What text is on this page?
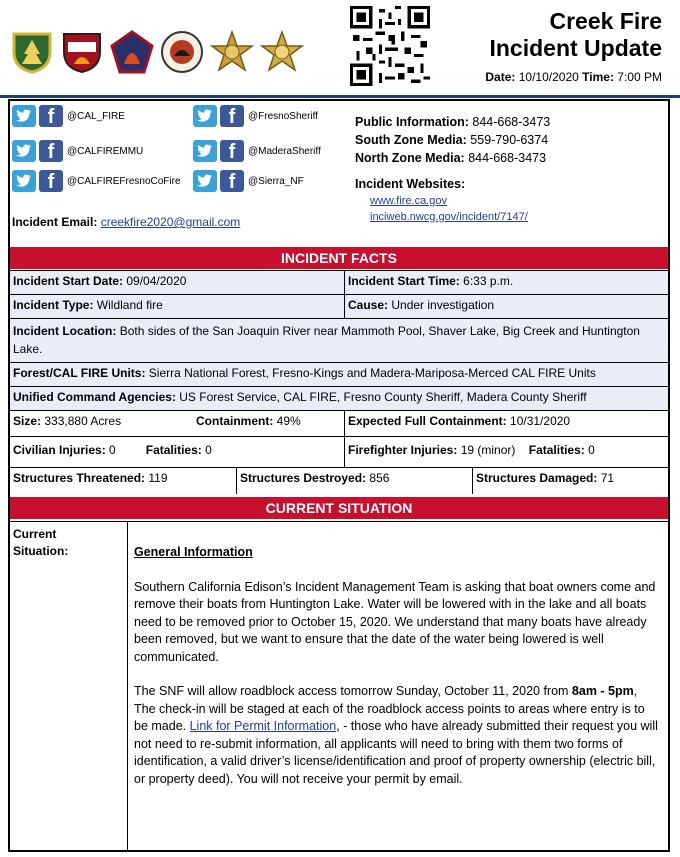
Creek Fire
Incident Update
Date: 10/10/2020 Time: 7:00 PM
f	@CAL_FIRE
f	@CALFIREMMU
f	@CALFIREFresnoCoFire
f	@FresnoSheriff
f	@MaderaSheriff
f	@Sierra_NF
Incident Email: creekfire2020@gmail.com
Public Information: 844-668-3473
South Zone Media: 559-790-6374
North Zone Media: 844-668-3473
Incident Websites:
www.fire.ca.gov
inciweb.nwcg.gov/incident/7147/
INCIDENT FACTS
Incident Start Date: 09/04/2020	Incident Start Time: 6:33 p.m.
Incident Type: Wildland fire	Cause: Under investigation
Incident Location: Both sides of the San Joaquin River near Mammoth Pool, Shaver Lake, Big Creek and Huntington Lake.
Forest/CAL FIRE Units: Sierra National Forest, Fresno-Kings and Madera-Mariposa-Merced CAL FIRE Units
Unified Command Agencies: US Forest Service, CAL FIRE, Fresno County Sheriff, Madera County Sheriff
Size: 333,880 Acres	Containment: 49%	Expected Full Containment: 10/31/2020
Civilian Injuries: 0	Fatalities: 0	Firefighter Injuries: 19 (minor) Fatalities: 0
Structures Threatened: 119	Structures Destroyed: 856	Structures Damaged: 71
CURRENT SITUATION
Current
Situation:	General Information

Southern California Edison’s Incident Management Team is asking that boat owners come and remove their boats from Huntington Lake. Water will be lowered with in the lake and all boats need to be removed prior to October 15, 2020. We understand that many boats have already been removed, but we want to ensure that the date of the water being lowered is well communicated.

The SNF will allow roadblock access tomorrow Sunday, October 11, 2020 from 8am - 5pm, The check-in will be staged at each of the roadblock access points to areas where entry is to be made. Link for Permit Information, - those who have already submitted their request you will not need to re-submit information, all applicants will need to bring with them two forms of identification, a valid driver’s license/identification and proof of property ownership (electric bill, or property deed). You will not receive your permit by email.
